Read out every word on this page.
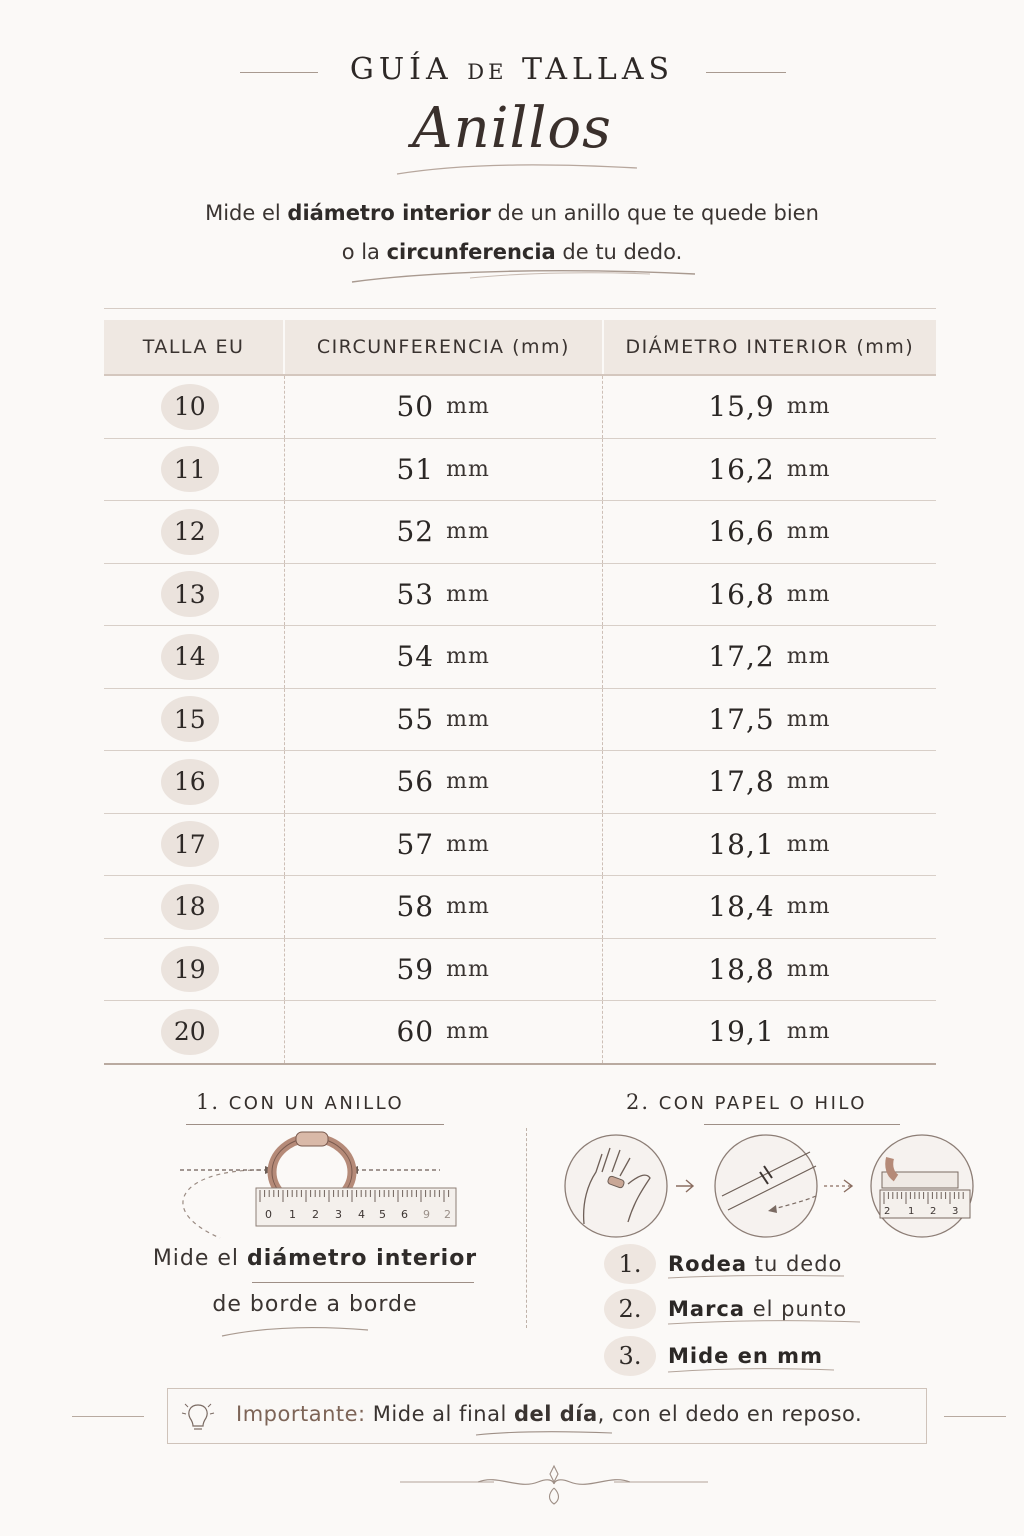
GUÍA DE TALLAS
Anillos
Mide el diámetro interior de un anillo que te quede bien
o la circunferencia de tu dedo.
TALLA EU	CIRCUNFERENCIA (mm)	DIÁMETRO INTERIOR (mm)
10	50 mm	15,9 mm
11	51 mm	16,2 mm
12	52 mm	16,6 mm
13	53 mm	16,8 mm
14	54 mm	17,2 mm
15	55 mm	17,5 mm
16	56 mm	17,8 mm
17	57 mm	18,1 mm
18	58 mm	18,4 mm
19	59 mm	18,8 mm
20	60 mm	19,1 mm
1. CON UN ANILLO
0 1 2 3 4 5 6 9 2
Mide el diámetro interior
de borde a borde
2. CON PAPEL O HILO
2 1 2 3
1.	Rodea tu dedo
2.	Marca el punto
3.	Mide en mm
Importante: Mide al final del día, con el dedo en reposo.
